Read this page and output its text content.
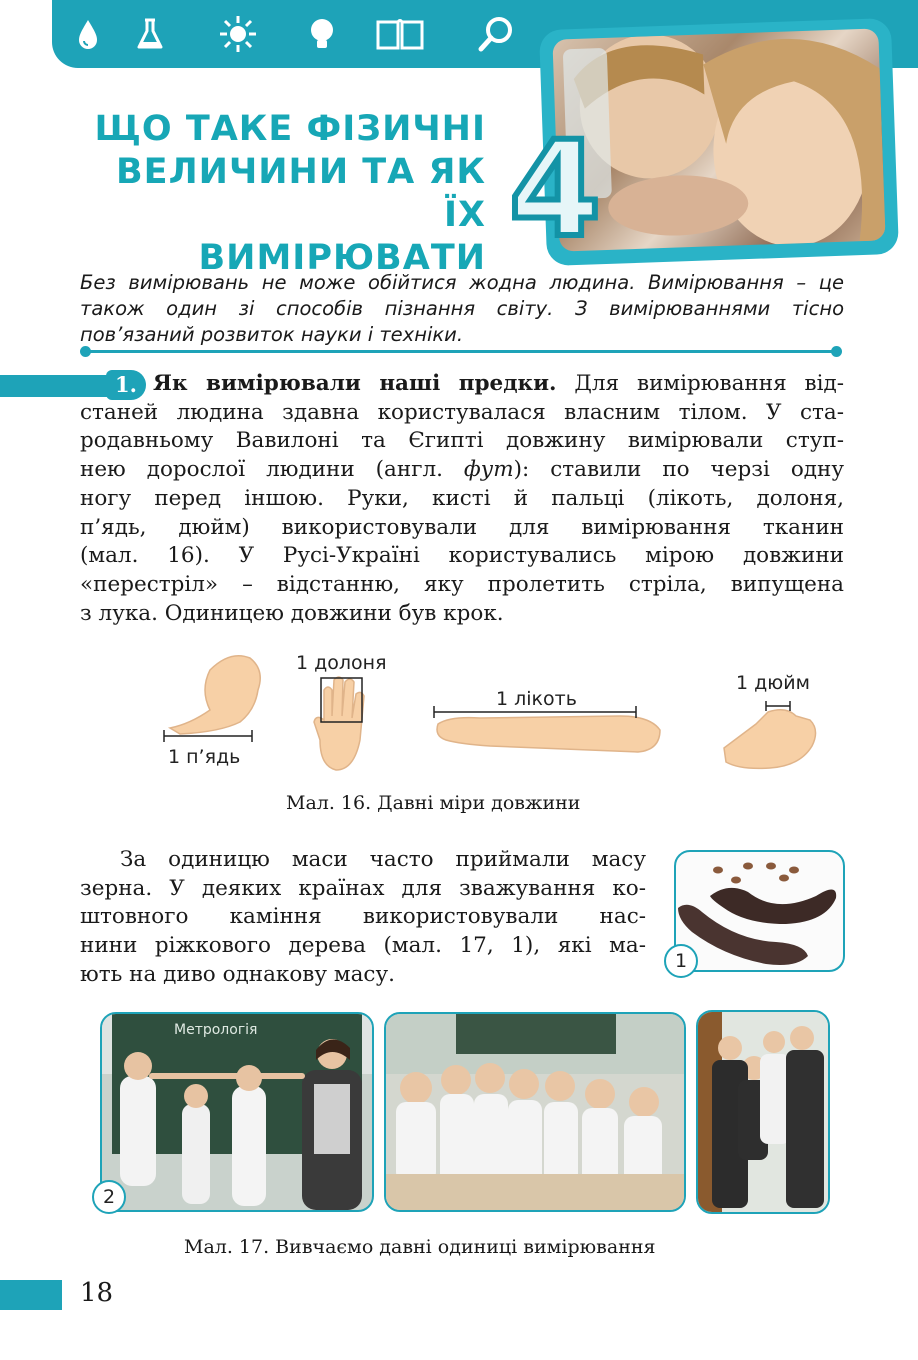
4
ЩО ТАКЕ ФІЗИЧНІ
ВЕЛИЧИНИ ТА ЯК ЇХ
ВИМІРЮВАТИ
Без вимірювань не може обійтися жодна людина. Вимірювання – це
також один зі способів пізнання світу. З вимірюваннями тісно
пов’язаний розвиток науки і техніки.
1. Як вимірювали наші предки. Для вимірювання від-
станей людина здавна користувалася власним тілом. У ста-
родавньому Вавилоні та Єгипті довжину вимірювали ступ-
нею дорослої людини (англ. фут): ставили по черзі одну
ногу перед іншою. Руки, кисті й пальці (лікоть, долоня,
п’ядь, дюйм) використовували для вимірювання тканин
(мал. 16). У Русі-Україні користувались мірою довжини
«перестріл» – відстанню, яку пролетить стріла, випущена
з лука. Одиницею довжини був крок.
1 п’ядь
1 долоня
1 лікоть
1 дюйм
Мал. 16. Давні міри довжини
За одиницю маси часто приймали масу
зерна. У деяких країнах для зважування ко-
штовного каміння використовували нас-
нини ріжкового дерева (мал. 17, 1), які ма-
ють на диво однакову масу.
1
Метрологія
2
Мал. 17. Вивчаємо давні одиниці вимірювання
18
